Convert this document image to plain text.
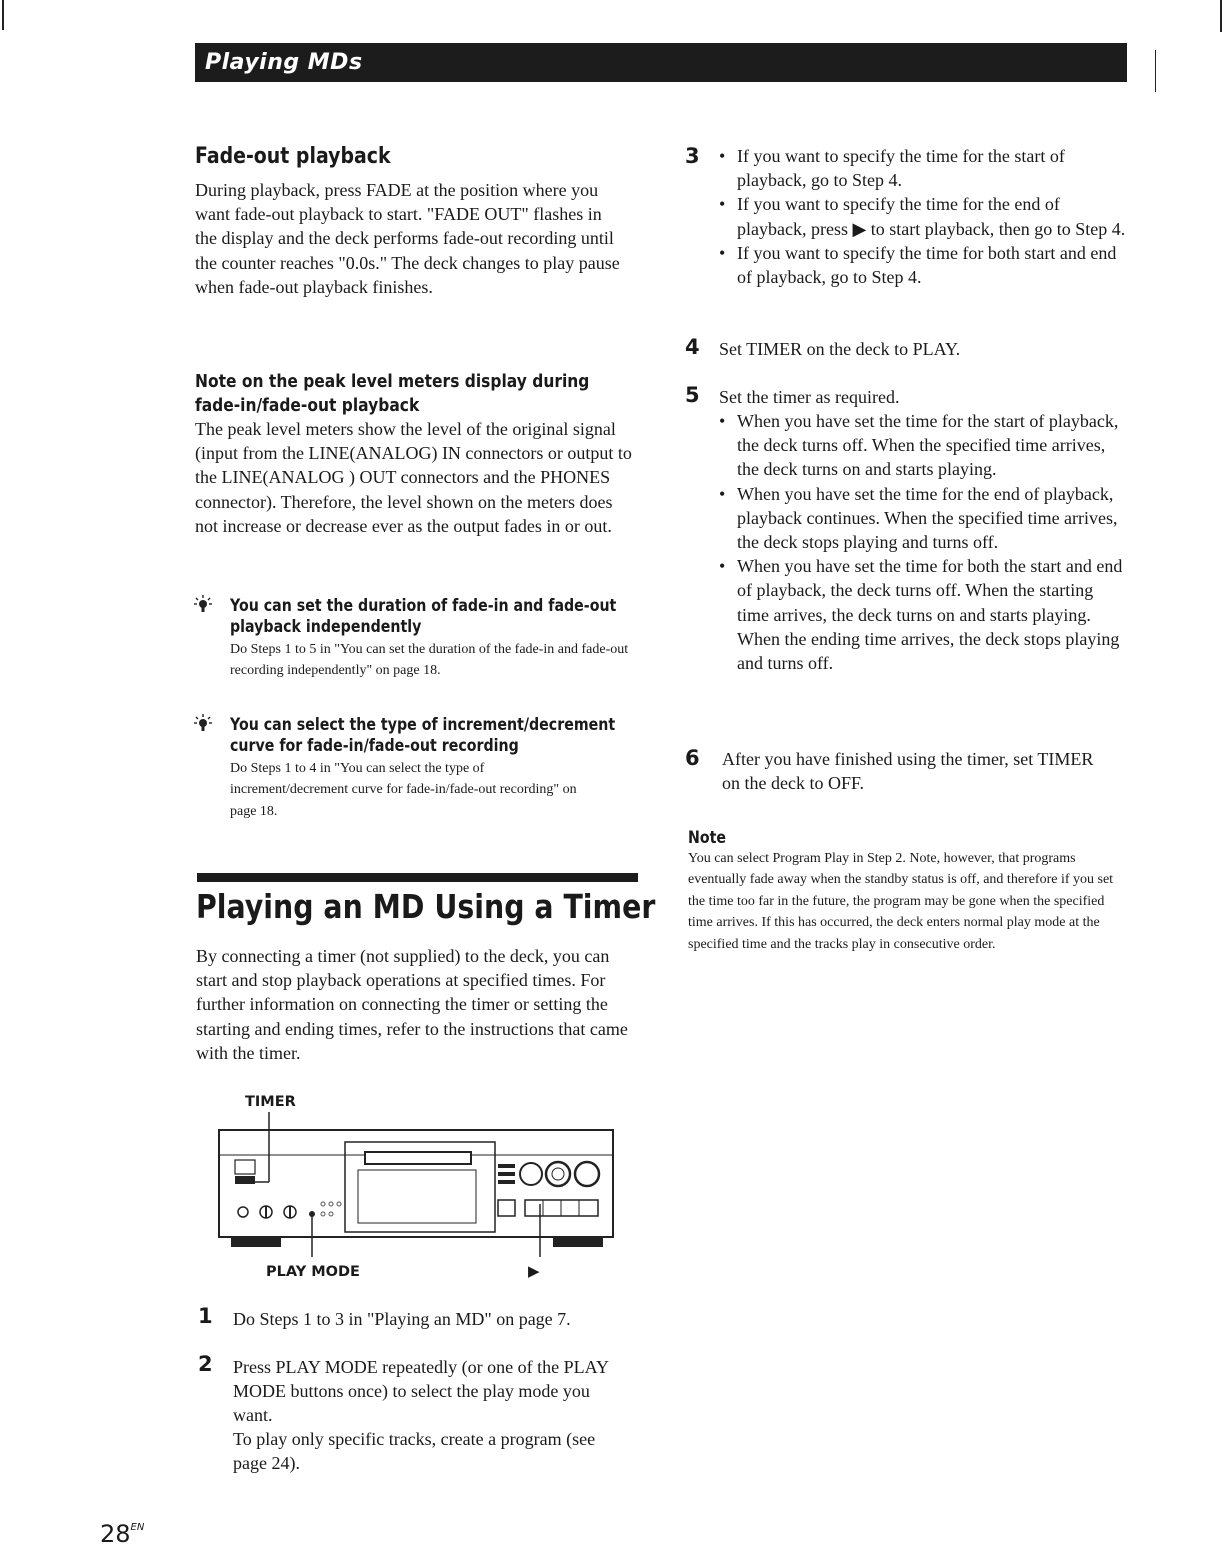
Playing MDs
Fade-out playback
During playback, press FADE at the position where you want fade-out playback to start. "FADE OUT" flashes in the display and the deck performs fade-out recording until the counter reaches "0.0s." The deck changes to play pause when fade-out playback finishes.
Note on the peak level meters display during fade-in/fade-out playback
The peak level meters show the level of the original signal (input from the LINE(ANALOG) IN connectors or output to the LINE(ANALOG ) OUT connectors and the PHONES connector). Therefore, the level shown on the meters does not increase or decrease ever as the output fades in or out.
You can set the duration of fade-in and fade-out playback independently
Do Steps 1 to 5 in "You can set the duration of the fade-in and fade-out recording independently" on page 18.
You can select the type of increment/decrement curve for fade-in/fade-out recording
Do Steps 1 to 4 in "You can select the type of increment/decrement curve for fade-in/fade-out recording" on page 18.
Playing an MD Using a Timer
By connecting a timer (not supplied) to the deck, you can start and stop playback operations at specified times. For further information on connecting the timer or setting the starting and ending times, refer to the instructions that came with the timer.
TIMER
PLAY MODE	▶
1 Do Steps 1 to 3 in "Playing an MD" on page 7.
2 Press PLAY MODE repeatedly (or one of the PLAY MODE buttons once) to select the play mode you want.
To play only specific tracks, create a program (see page 24).
3
•	If you want to specify the time for the start of playback, go to Step 4.
• If you want to specify the time for the end of playback, press ▶ to start playback, then go to Step 4.
• If you want to specify the time for both start and end of playback, go to Step 4.
4 Set TIMER on the deck to PLAY.
5 Set the timer as required.
• When you have set the time for the start of playback, the deck turns off. When the specified time arrives, the deck turns on and starts playing.
• When you have set the time for the end of playback, playback continues. When the specified time arrives, the deck stops playing and turns off.
• When you have set the time for both the start and end of playback, the deck turns off. When the starting time arrives, the deck turns on and starts playing. When the ending time arrives, the deck stops playing and turns off.
6 After you have finished using the timer, set TIMER on the deck to OFF.
Note
You can select Program Play in Step 2. Note, however, that programs eventually fade away when the standby status is off, and therefore if you set the time too far in the future, the program may be gone when the specified time arrives. If this has occurred, the deck enters normal play mode at the specified time and the tracks play in consecutive order.
$28^{EN}$
